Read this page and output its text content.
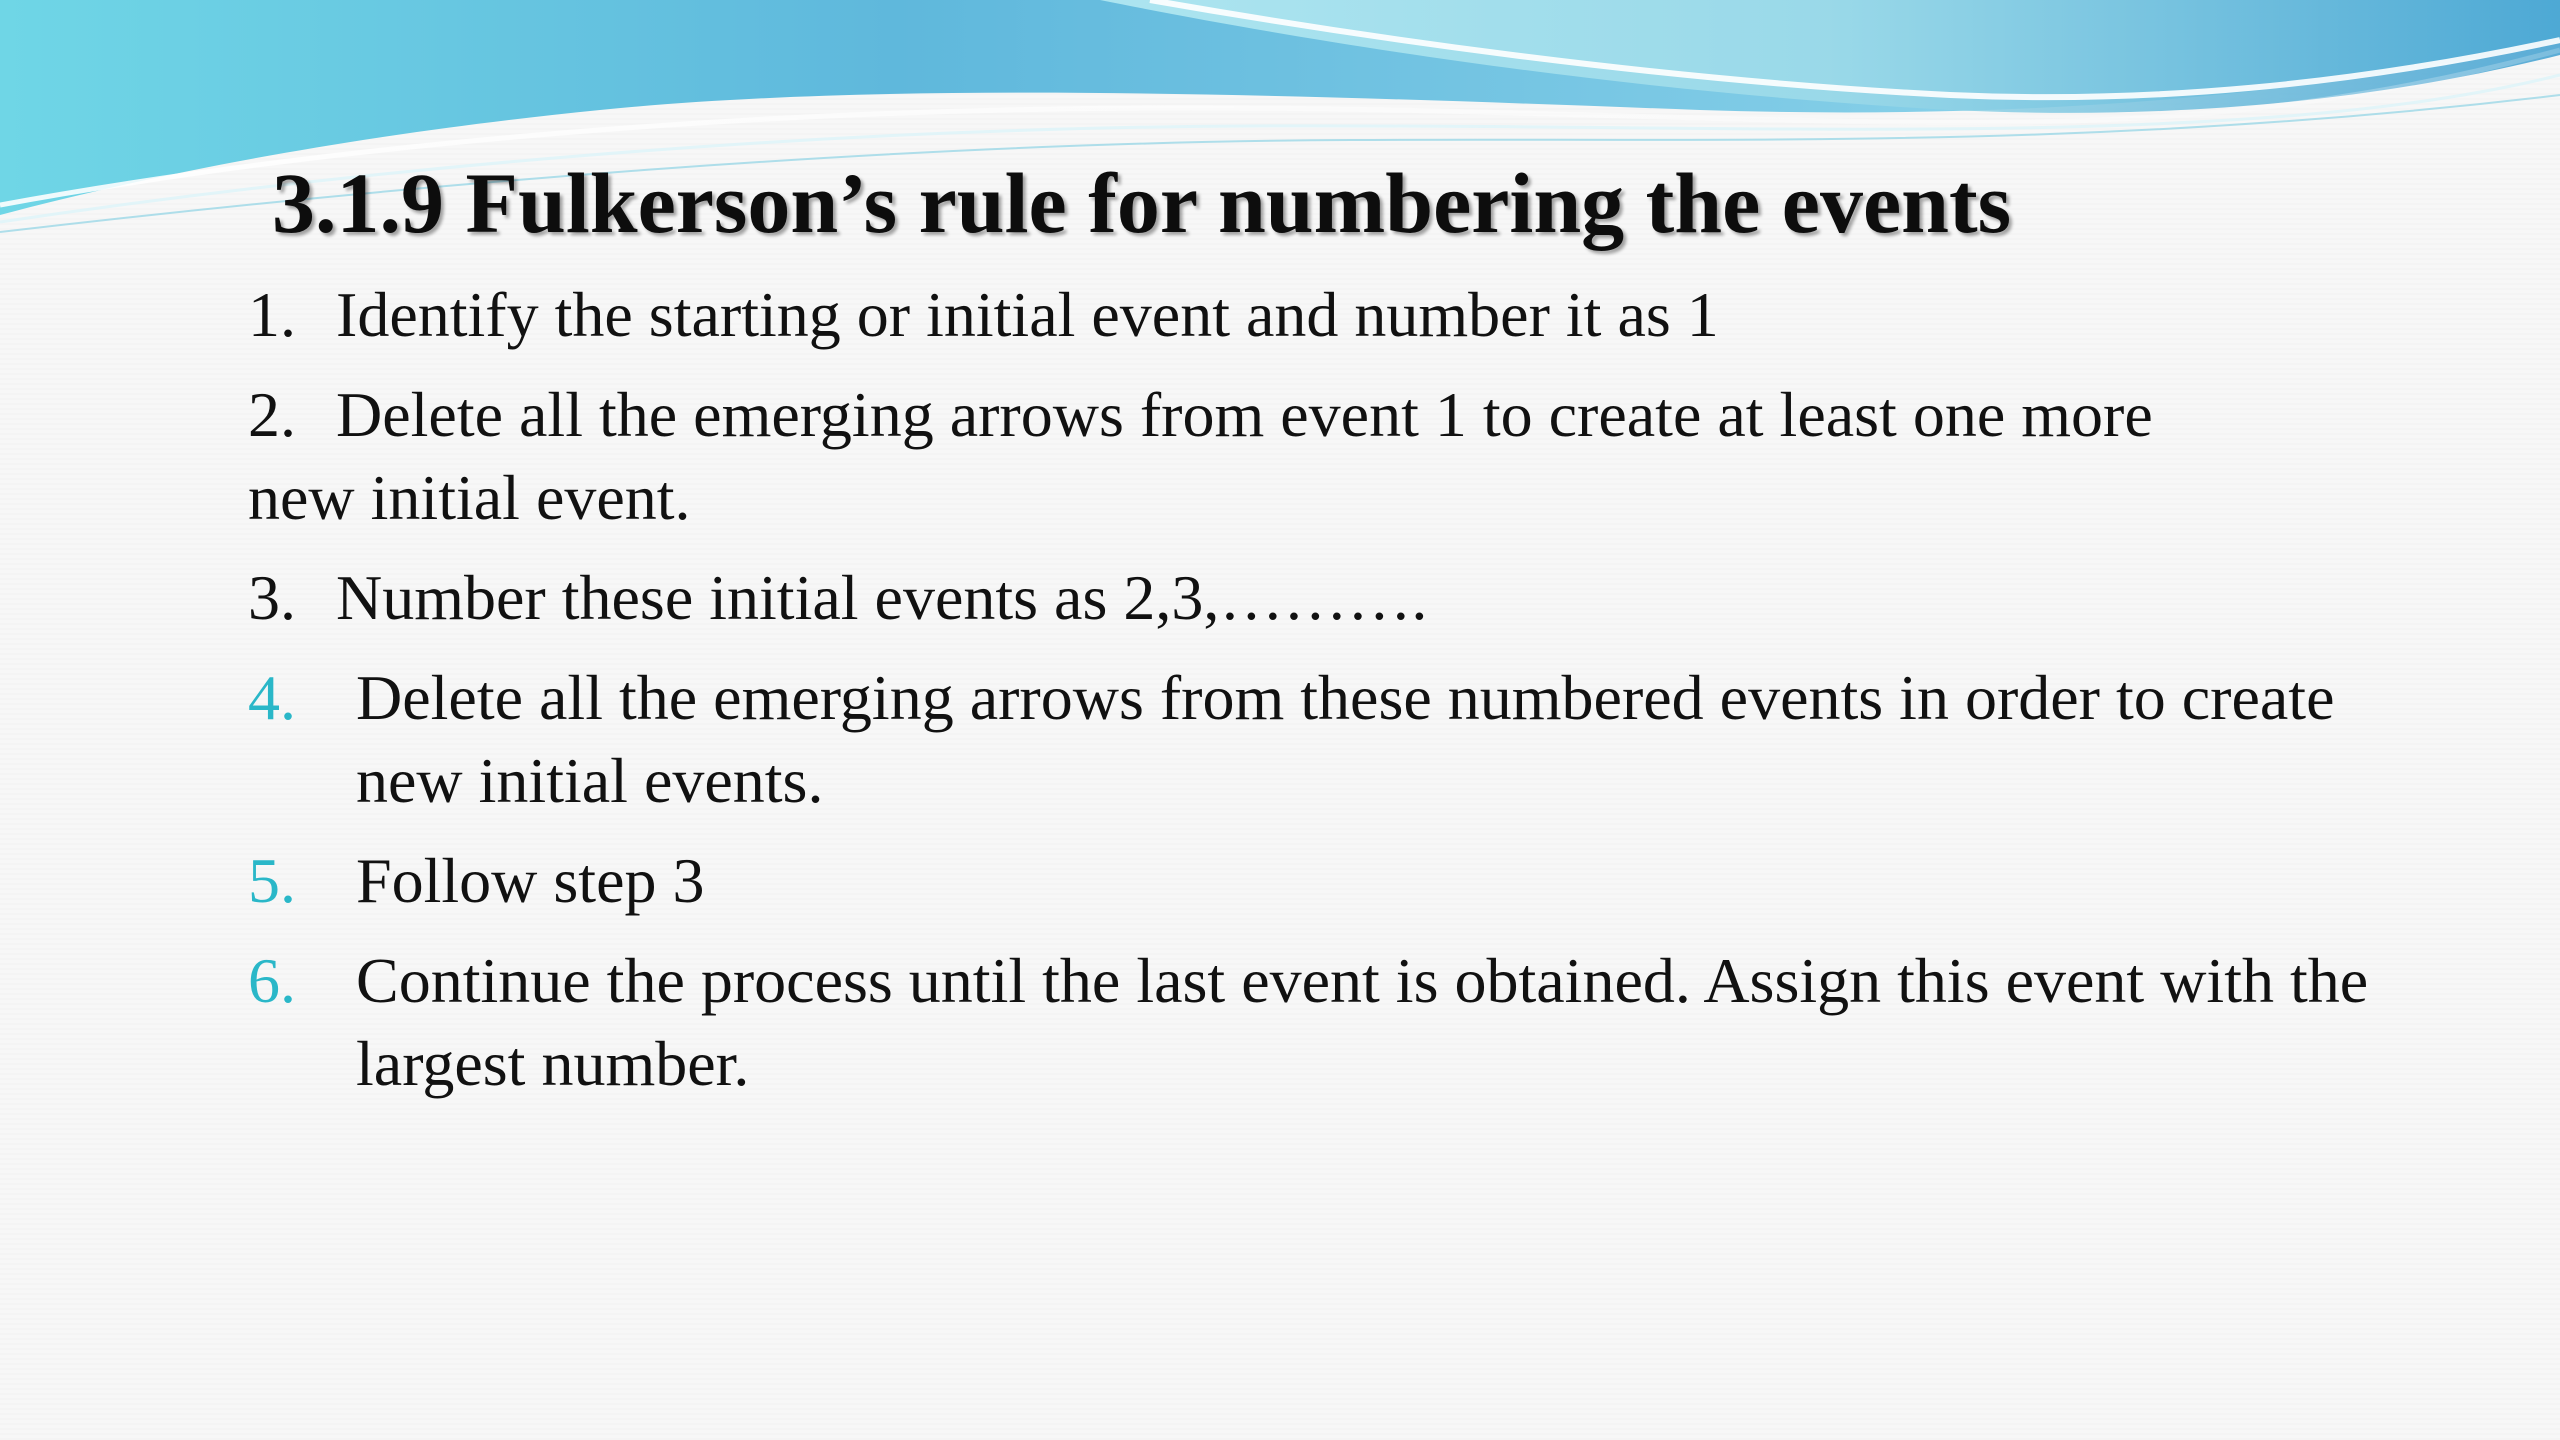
3.1.9 Fulkerson’s rule for numbering the events

1. Identify the starting or initial event and number it as 1

2. Delete all the emerging arrows from event 1 to create at least one more new initial event.

3. Number these initial events as 2,3,……….

4. Delete all the emerging arrows from these numbered events in order to create new initial events.
5. Follow step 3
6. Continue the process until the last event is obtained. Assign this event with the largest number.
